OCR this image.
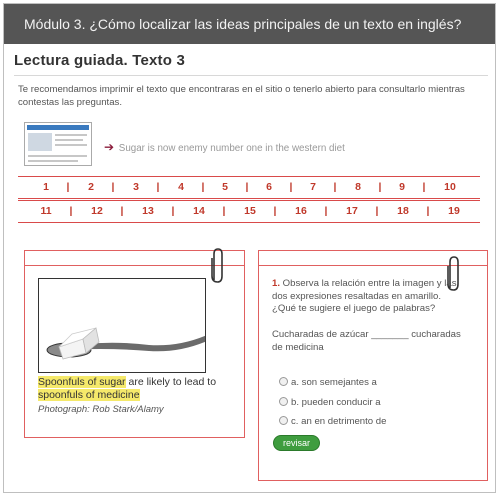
Módulo 3. ¿Cómo localizar las ideas principales de un texto en inglés?
Lectura guiada. Texto 3

Te recomendamos imprimir el texto que encontraras en el sitio o tenerlo abierto para consultarlo mientras contestas las preguntas.

➔ Sugar is now enemy number one in the western diet
1 | 2 | 3 | 4 | 5 | 6 | 7 | 8 | 9 | 10
11 | 12 | 13 | 14 | 15 | 16 | 17 | 18 | 19
Spoonfuls of sugar are likely to lead to spoonfuls of medicine
Photograph: Rob Stark/Alamy
1. Observa la relación entre la imagen y las dos expresiones resaltadas en amarillo. ¿Qué te sugiere el juego de palabras?
Cucharadas de azúcar _______ cucharadas de medicina
a. son semejantes a
b. pueden conducir a
c. an en detrimento de
revisar
